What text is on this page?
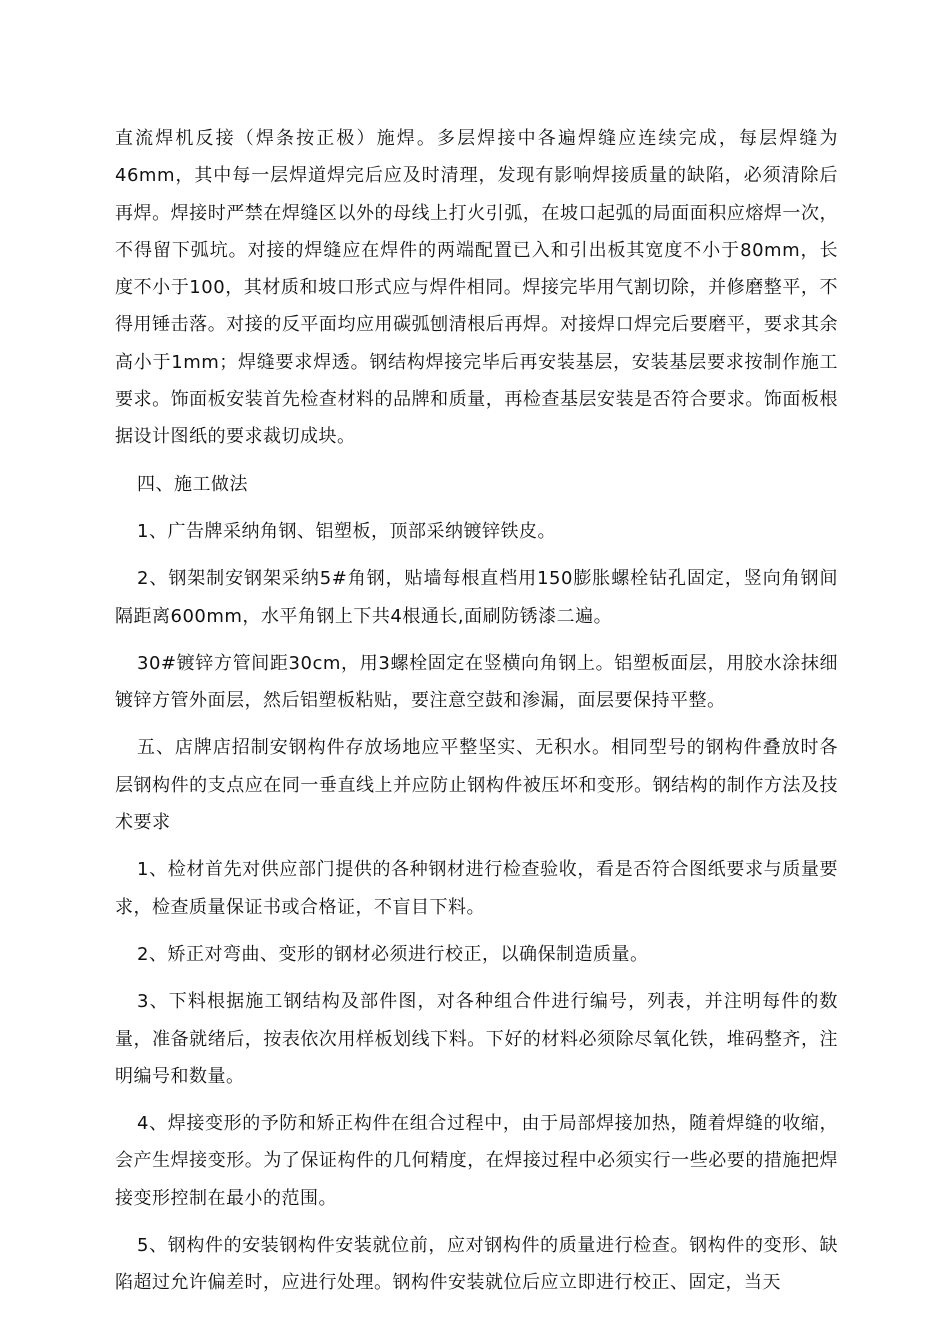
直流焊机反接（焊条按正极）施焊。多层焊接中各遍焊缝应连续完成，每层焊缝为46mm，其中每一层焊道焊完后应及时清理，发现有影响焊接质量的缺陷，必须清除后再焊。焊接时严禁在焊缝区以外的母线上打火引弧，在坡口起弧的局面面积应熔焊一次，不得留下弧坑。对接的焊缝应在焊件的两端配置已入和引出板其宽度不小于80mm，长度不小于100，其材质和坡口形式应与焊件相同。焊接完毕用气割切除，并修磨整平，不得用锤击落。对接的反平面均应用碳弧刨清根后再焊。对接焊口焊完后要磨平，要求其余高小于1mm；焊缝要求焊透。钢结构焊接完毕后再安装基层，安装基层要求按制作施工要求。饰面板安装首先检查材料的品牌和质量，再检查基层安装是否符合要求。饰面板根据设计图纸的要求裁切成块。

四、施工做法

1、广告牌采纳角钢、铝塑板，顶部采纳镀锌铁皮。

2、钢架制安钢架采纳5#角钢，贴墙每根直档用150膨胀螺栓钻孔固定，竖向角钢间隔距离600mm，水平角钢上下共4根通长,面刷防锈漆二遍。

30#镀锌方管间距30cm，用3螺栓固定在竖横向角钢上。铝塑板面层，用胶水涂抹细镀锌方管外面层，然后铝塑板粘贴，要注意空鼓和渗漏，面层要保持平整。

五、店牌店招制安钢构件存放场地应平整坚实、无积水。相同型号的钢构件叠放时各层钢构件的支点应在同一垂直线上并应防止钢构件被压坏和变形。钢结构的制作方法及技术要求

1、检材首先对供应部门提供的各种钢材进行检查验收，看是否符合图纸要求与质量要求，检查质量保证书或合格证，不盲目下料。

2、矫正对弯曲、变形的钢材必须进行校正，以确保制造质量。

3、下料根据施工钢结构及部件图，对各种组合件进行编号，列表，并注明每件的数量，准备就绪后，按表依次用样板划线下料。下好的材料必须除尽氧化铁，堆码整齐，注明编号和数量。

4、焊接变形的予防和矫正构件在组合过程中，由于局部焊接加热，随着焊缝的收缩，会产生焊接变形。为了保证构件的几何精度，在焊接过程中必须实行一些必要的措施把焊接变形控制在最小的范围。

5、钢构件的安装钢构件安装就位前，应对钢构件的质量进行检查。钢构件的变形、缺陷超过允许偏差时，应进行处理。钢构件安装就位后应立即进行校正、固定，当天
